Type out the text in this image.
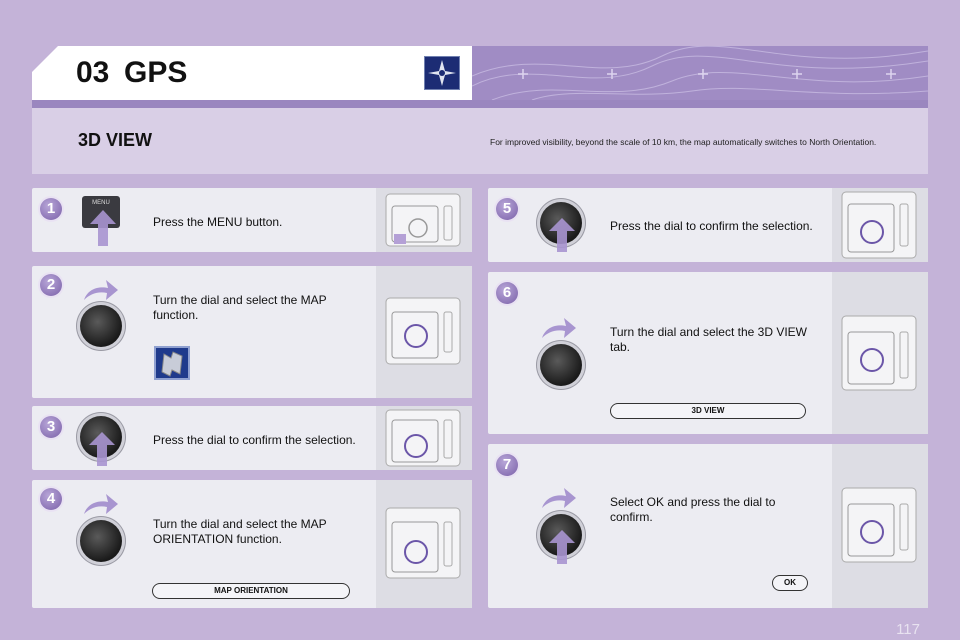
03 GPS
3D VIEW	For improved visibility, beyond the scale of 10 km, the map automatically switches to North Orientation.
1	MENU
Press the MENU button.
2
Turn the dial and select the MAP function.
3
Press the dial to confirm the selection.
4
Turn the dial and select the MAP ORIENTATION function.
MAP ORIENTATION
5
Press the dial to confirm the selection.
6
Turn the dial and select the 3D VIEW tab.
3D VIEW
7
Select OK and press the dial to confirm.
OK
117
